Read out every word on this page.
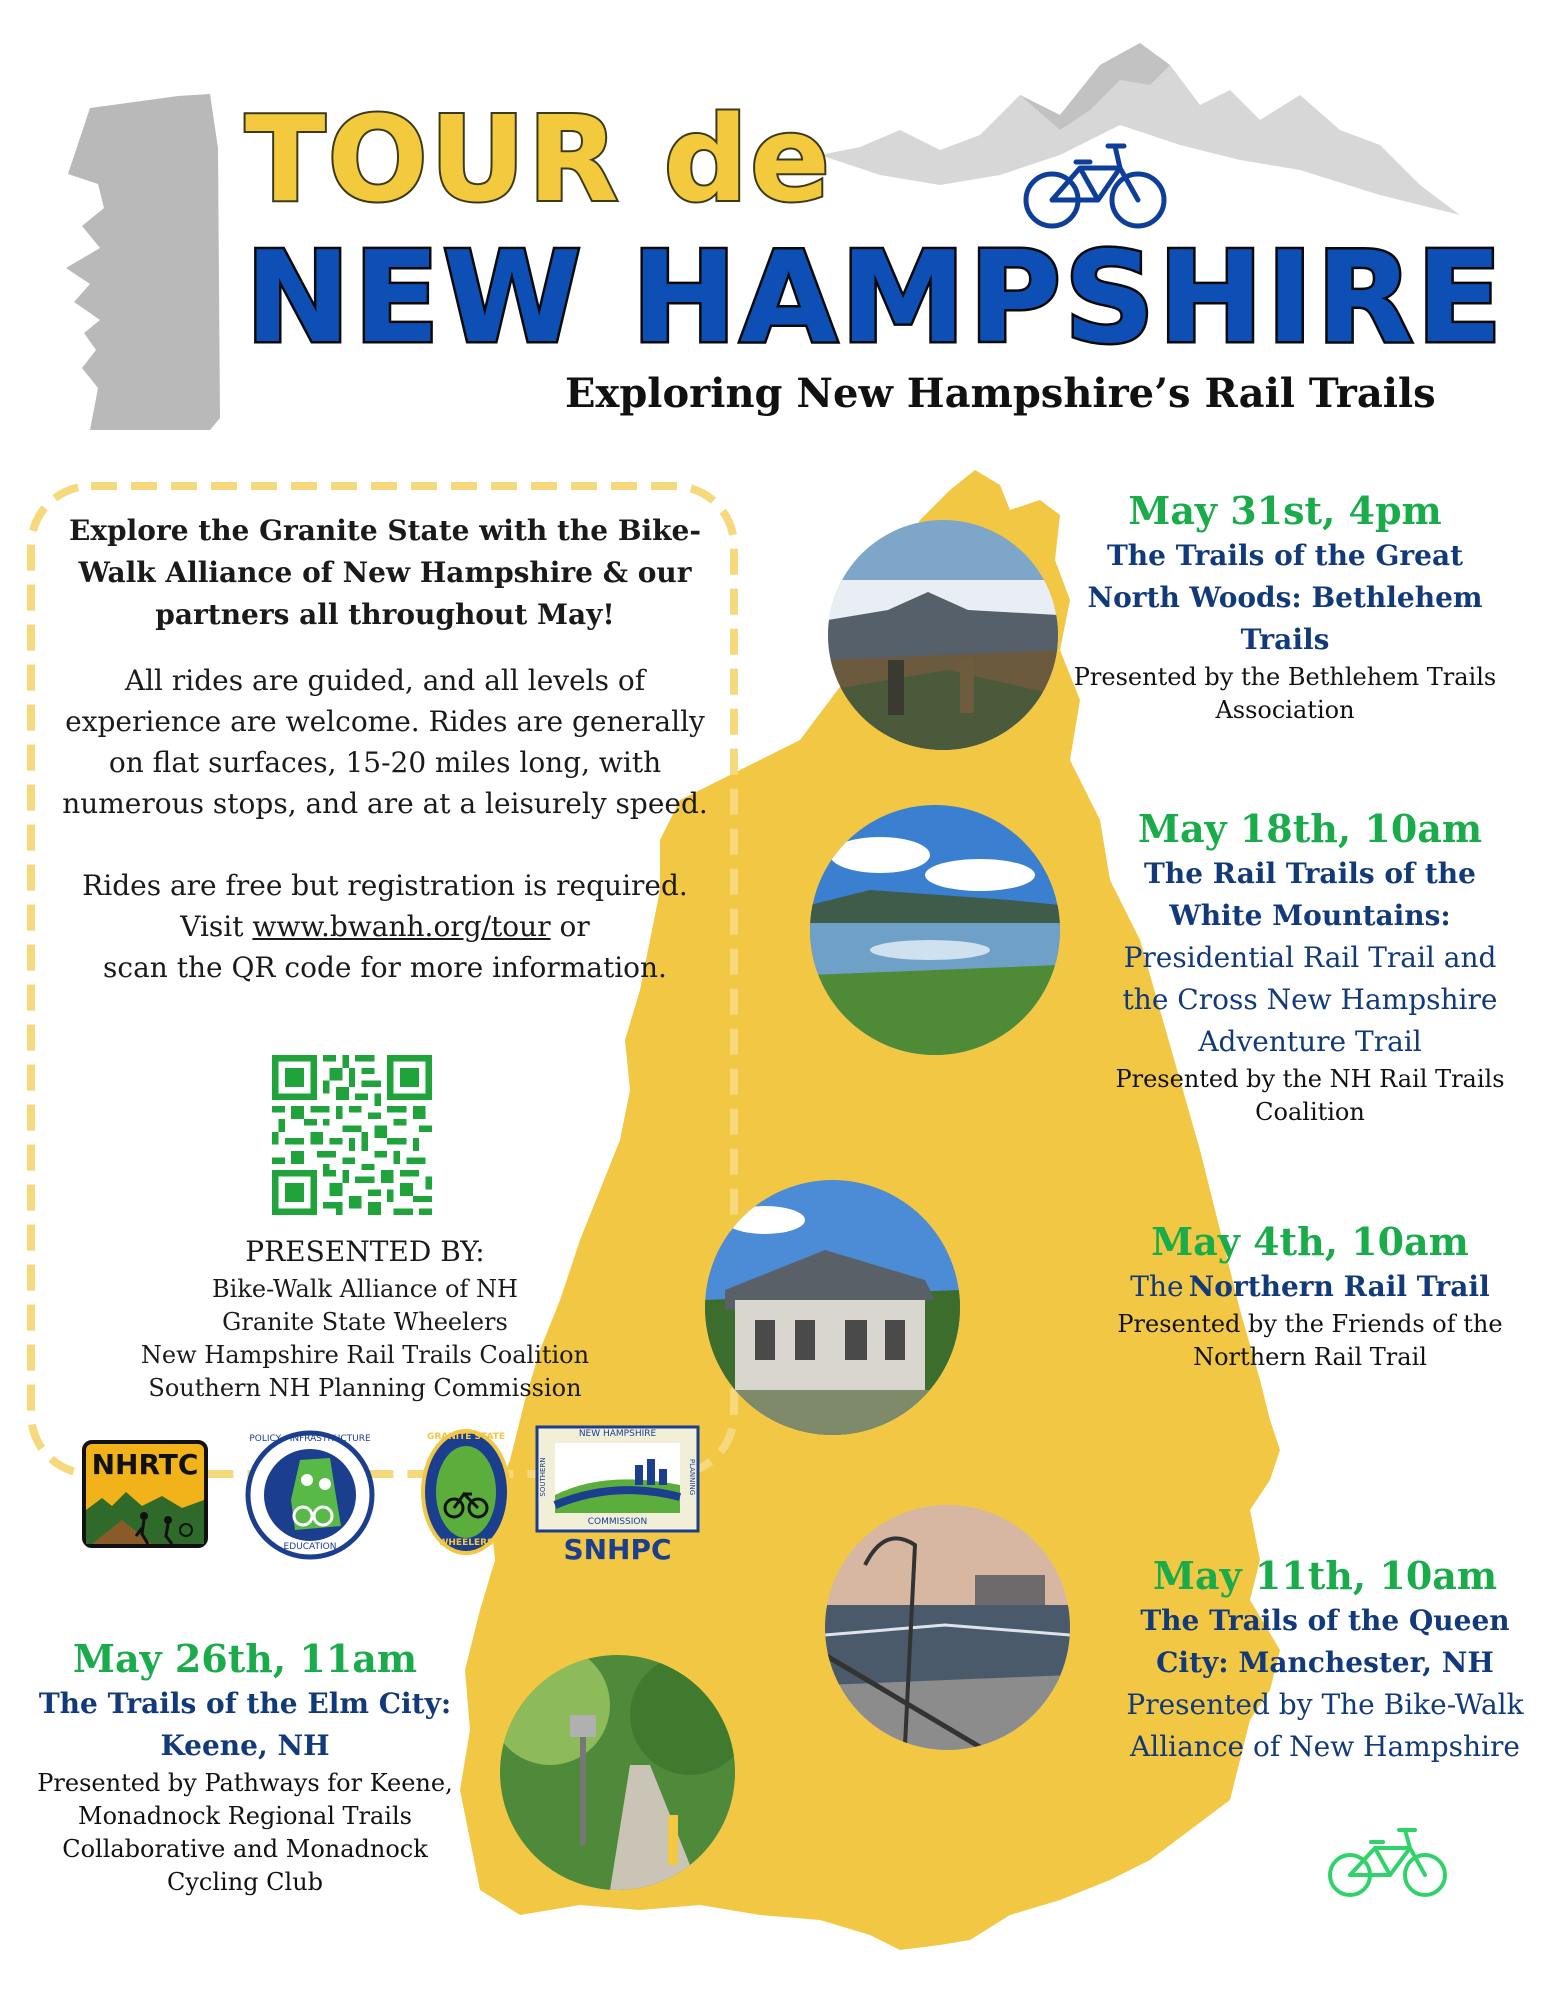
TOUR de
NEW HAMPSHIRE
Exploring New Hampshire’s Rail Trails
Explore the Granite State with the Bike-Walk Alliance of New Hampshire & our partners all throughout May!
All rides are guided, and all levels of experience are welcome. Rides are generally on flat surfaces, 15-20 miles long, with numerous stops, and are at a leisurely speed.
Rides are free but registration is required.
Visit www.bwanh.org/tour or
scan the QR code for more information.
PRESENTED BY:
Bike-Walk Alliance of NH
Granite State Wheelers
New Hampshire Rail Trails Coalition
Southern NH Planning Commission
NHRTC
POLICY · INFRASTRUCTURE
EDUCATION
GRANITE STATE
WHEELERS
NEW HAMPSHIRE
COMMISSION
SOUTHERN	PLANNING
SNHPC
May 31st, 4pm
The Trails of the Great North Woods: Bethlehem Trails
Presented by the Bethlehem Trails Association
May 18th, 10am
The Rail Trails of the White Mountains: Presidential Rail Trail and the Cross New Hampshire Adventure Trail
Presented by the NH Rail Trails Coalition
May 4th, 10am
The Northern Rail Trail
Presented by the Friends of the Northern Rail Trail
May 11th, 10am
The Trails of the Queen City: Manchester, NH
Presented by The Bike-Walk Alliance of New Hampshire
May 26th, 11am
The Trails of the Elm City: Keene, NH
Presented by Pathways for Keene, Monadnock Regional Trails Collaborative and Monadnock Cycling Club
